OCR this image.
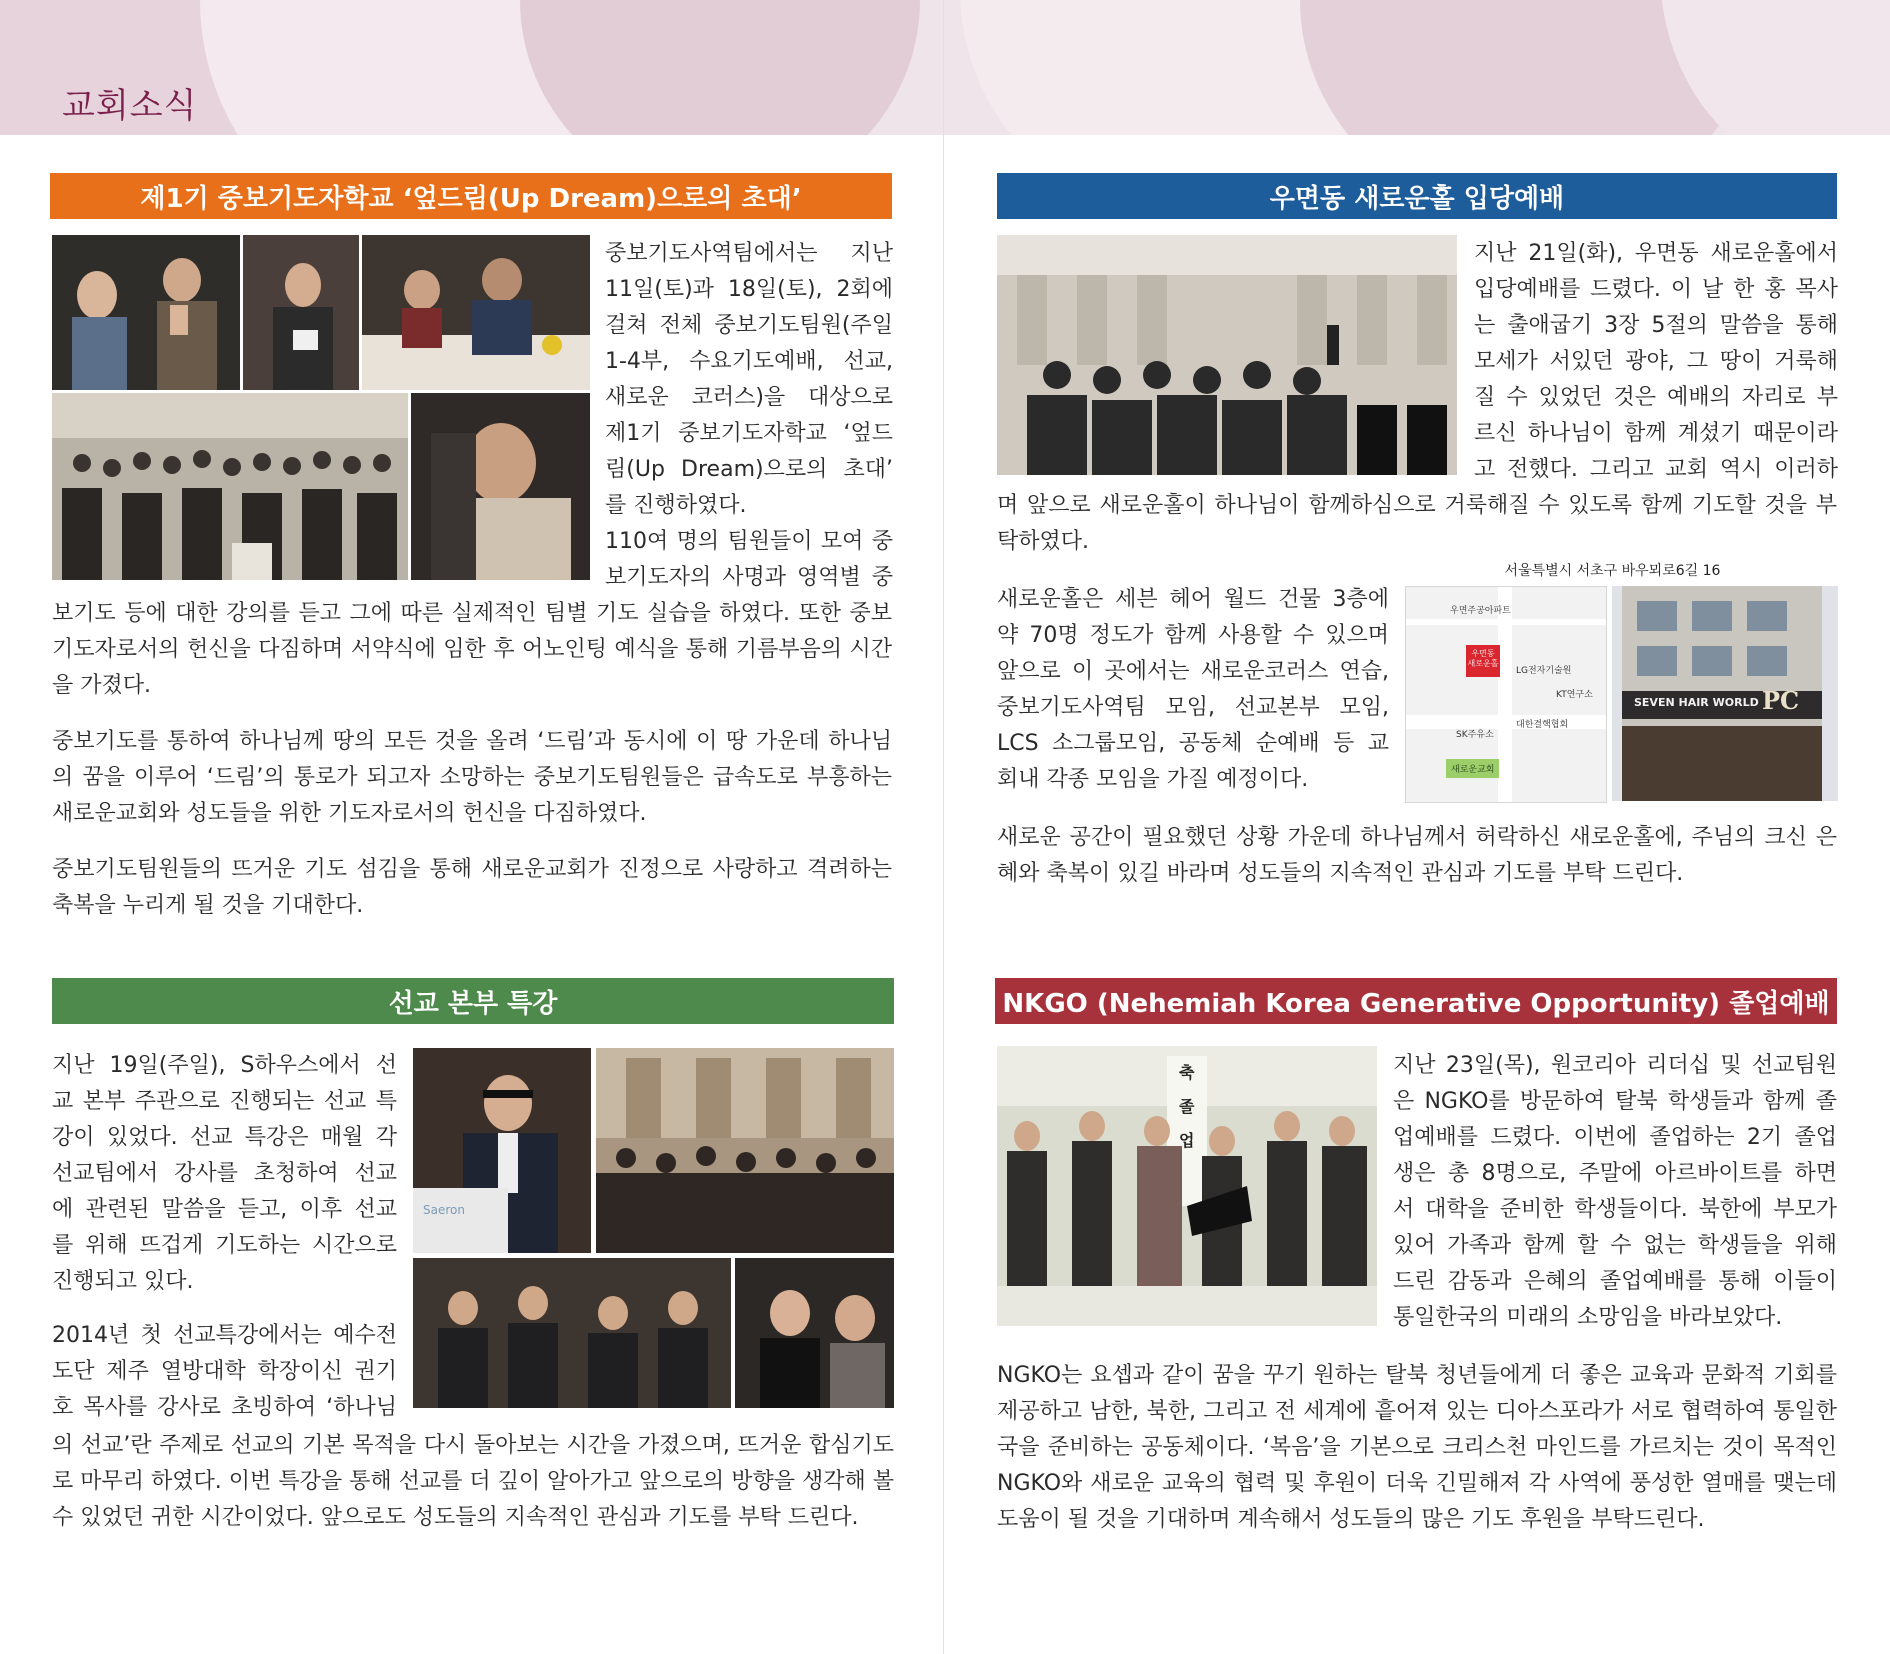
교회소식
제1기 중보기도자학교 ‘엎드림(Up Dream)으로의 초대’

중보기도사역팀에서는 지난

11일(토)과 18일(토), 2회에

걸쳐 전체 중보기도팀원(주일

1-4부, 수요기도예배, 선교,

새로운 코러스)을 대상으로

제1기 중보기도자학교 ‘엎드

림(Up Dream)으로의 초대’

를 진행하였다.

110여 명의 팀원들이 모여 중

보기도자의 사명과 영역별 중

보기도 등에 대한 강의를 듣고 그에 따른 실제적인 팀별 기도 실습을 하였다. 또한 중보기도자로서의 헌신을 다짐하며 서약식에 임한 후 어노인팅 예식을 통해 기름부음의 시간을 가졌다.

중보기도를 통하여 하나님께 땅의 모든 것을 올려 ‘드림’과 동시에 이 땅 가운데 하나님의 꿈을 이루어 ‘드림’의 통로가 되고자 소망하는 중보기도팀원들은 급속도로 부흥하는 새로운교회와 성도들을 위한 기도자로서의 헌신을 다짐하였다.

중보기도팀원들의 뜨거운 기도 섬김을 통해 새로운교회가 진정으로 사랑하고 격려하는 축복을 누리게 될 것을 기대한다.

우면동 새로운홀 입당예배

지난 21일(화), 우면동 새로운홀에서

입당예배를 드렸다. 이 날 한 홍 목사

는 출애굽기 3장 5절의 말씀을 통해

모세가 서있던 광야, 그 땅이 거룩해

질 수 있었던 것은 예배의 자리로 부

르신 하나님이 함께 계셨기 때문이라

고 전했다. 그리고 교회 역시 이러하

며 앞으로 새로운홀이 하나님이 함께하심으로 거룩해질 수 있도록 함께 기도할 것을 부탁하였다.

서울특별시 서초구 바우뫼로6길 16

새로운홀은 세븐 헤어 월드 건물 3층에

약 70명 정도가 함께 사용할 수 있으며

앞으로 이 곳에서는 새로운코러스 연습,

중보기도사역팀 모임, 선교본부 모임,

LCS 소그룹모임, 공동체 순예배 등 교

회내 각종 모임을 가질 예정이다.

우면주공아파트
우면동
새로운홀
LG전자기술원
KT연구소
SK주유소
대한결핵협회
새로운교회
SEVEN HAIR WORLD PC

새로운 공간이 필요했던 상황 가운데 하나님께서 허락하신 새로운홀에, 주님의 크신 은혜와 축복이 있길 바라며 성도들의 지속적인 관심과 기도를 부탁 드린다.

선교 본부 특강

지난 19일(주일), S하우스에서 선

교 본부 주관으로 진행되는 선교 특

강이 있었다. 선교 특강은 매월 각

선교팀에서 강사를 초청하여 선교

에 관련된 말씀을 듣고, 이후 선교

를 위해 뜨겁게 기도하는 시간으로

진행되고 있다.

2014년 첫 선교특강에서는 예수전

도단 제주 열방대학 학장이신 권기

호 목사를 강사로 초빙하여 ‘하나님

Saeron

의 선교’란 주제로 선교의 기본 목적을 다시 돌아보는 시간을 가졌으며, 뜨거운 합심기도로 마무리 하였다. 이번 특강을 통해 선교를 더 깊이 알아가고 앞으로의 방향을 생각해 볼 수 있었던 귀한 시간이었다. 앞으로도 성도들의 지속적인 관심과 기도를 부탁 드린다.

NKGO (Nehemiah Korea Generative Opportunity) 졸업예배
축
졸
업

지난 23일(목), 원코리아 리더십 및 선교팀원

은 NGKO를 방문하여 탈북 학생들과 함께 졸

업예배를 드렸다. 이번에 졸업하는 2기 졸업

생은 총 8명으로, 주말에 아르바이트를 하면

서 대학을 준비한 학생들이다. 북한에 부모가

있어 가족과 함께 할 수 없는 학생들을 위해

드린 감동과 은혜의 졸업예배를 통해 이들이

통일한국의 미래의 소망임을 바라보았다.

NGKO는 요셉과 같이 꿈을 꾸기 원하는 탈북 청년들에게 더 좋은 교육과 문화적 기회를 제공하고 남한, 북한, 그리고 전 세계에 흩어져 있는 디아스포라가 서로 협력하여 통일한국을 준비하는 공동체이다. ‘복음’을 기본으로 크리스천 마인드를 가르치는 것이 목적인 NGKO와 새로운 교육의 협력 및 후원이 더욱 긴밀해져 각 사역에 풍성한 열매를 맺는데 도움이 될 것을 기대하며 계속해서 성도들의 많은 기도 후원을 부탁드린다.
